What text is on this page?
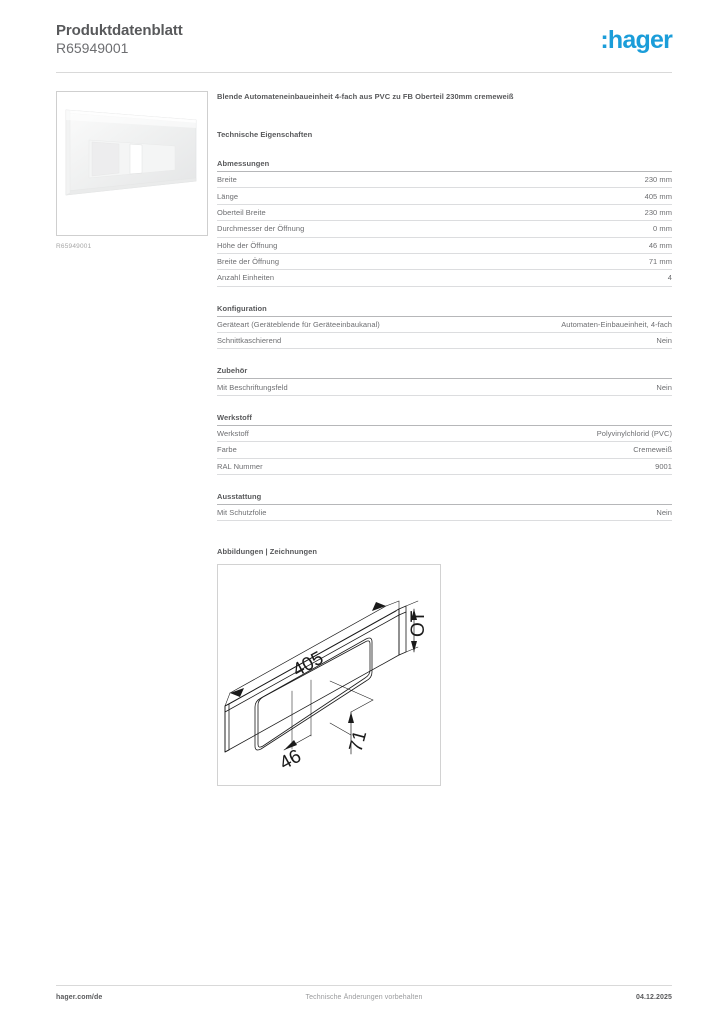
Produktdatenblatt
R65949001	:hager
R65949001
Blende Automateneinbaueinheit 4-fach aus PVC zu FB Oberteil 230mm cremeweiß
Technische Eigenschaften
Abmessungen
Breite	230 mm
Länge	405 mm
Oberteil Breite	230 mm
Durchmesser der Öffnung	0 mm
Höhe der Öffnung	46 mm
Breite der Öffnung	71 mm
Anzahl Einheiten	4
Konfiguration
Geräteart (Geräteblende für Geräteeinbaukanal)	Automaten-Einbaueinheit, 4-fach
Schnittkaschierend	Nein
Zubehör
Mit Beschriftungsfeld	Nein
Werkstoff
Werkstoff	Polyvinylchlorid (PVC)
Farbe	Cremeweiß
RAL Nummer	9001
Ausstattung
Mit Schutzfolie	Nein
Abbildungen | Zeichnungen
405
OT
46
71
hager.com/de	Technische Änderungen vorbehalten	04.12.2025
